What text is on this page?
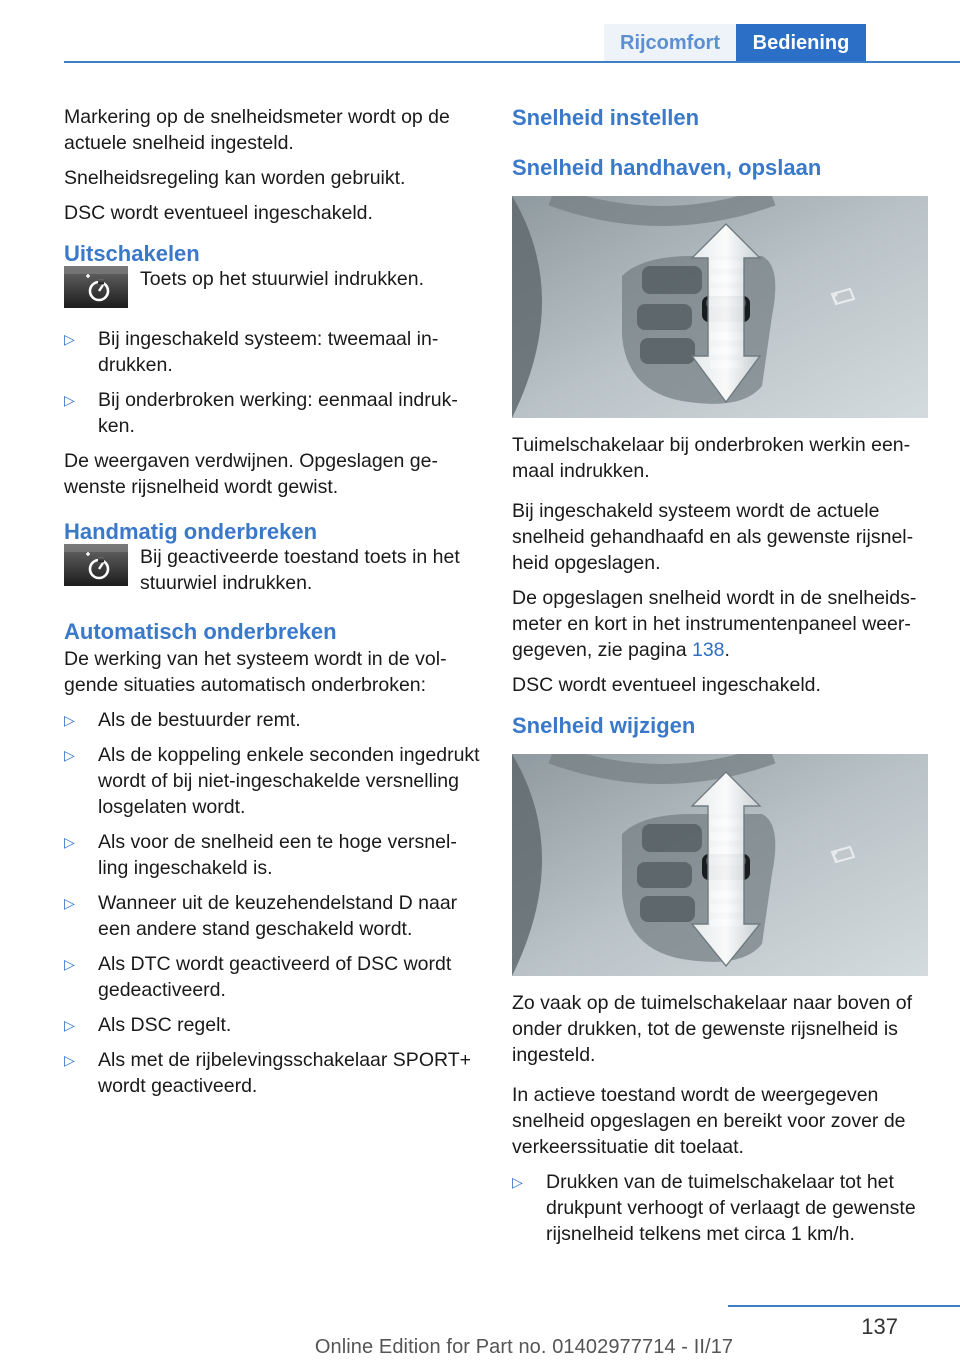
Rijcomfort	Bediening

Markering op de snelheidsmeter wordt op de actuele snelheid ingesteld.

Snelheidsregeling kan worden gebruikt.

DSC wordt eventueel ingeschakeld.

Uitschakelen
Toets op het stuurwiel indrukken.
▷	Bij ingeschakeld systeem: tweemaal indrukken.
▷	Bij onderbroken werking: eenmaal indrukken.

De weergaven verdwijnen. Opgeslagen gewenste rijsnelheid wordt gewist.

Handmatig onderbreken
Bij geactiveerde toestand toets in het stuurwiel indrukken.
Automatisch onderbreken

De werking van het systeem wordt in de volgende situaties automatisch onderbroken:

▷	Als de bestuurder remt.
▷	Als de koppeling enkele seconden ingedrukt wordt of bij niet-ingeschakelde versnelling losgelaten wordt.
▷	Als voor de snelheid een te hoge versnelling ingeschakeld is.
▷	Wanneer uit de keuzehendelstand D naar een andere stand geschakeld wordt.
▷	Als DTC wordt geactiveerd of DSC wordt gedeactiveerd.
▷	Als DSC regelt.
▷	Als met de rijbelevingsschakelaar SPORT+ wordt geactiveerd.
Snelheid instellen
Snelheid handhaven, opslaan

Tuimelschakelaar bij onderbroken werkin eenmaal indrukken.

Bij ingeschakeld systeem wordt de actuele snelheid gehandhaafd en als gewenste rijsnelheid opgeslagen.

De opgeslagen snelheid wordt in de snelheidsmeter en kort in het instrumentenpaneel weergegeven, zie pagina 138.

DSC wordt eventueel ingeschakeld.

Snelheid wijzigen

Zo vaak op de tuimelschakelaar naar boven of onder drukken, tot de gewenste rijsnelheid is ingesteld.

In actieve toestand wordt de weergegeven snelheid opgeslagen en bereikt voor zover de verkeerssituatie dit toelaat.

▷	Drukken van de tuimelschakelaar tot het drukpunt verhoogt of verlaagt de gewenste rijsnelheid telkens met circa 1 km/h.
137
Online Edition for Part no. 01402977714 - II/17
